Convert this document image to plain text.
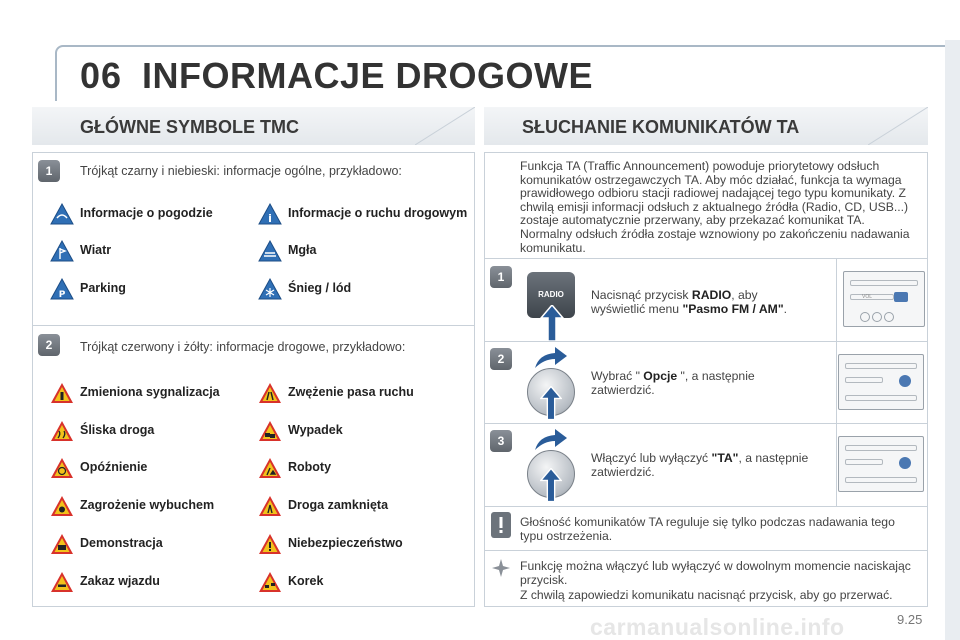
06 INFORMACJE DROGOWE
GŁÓWNE SYMBOLE TMC	SŁUCHANIE KOMUNIKATÓW TA
1	Trójkąt czarny i niebieski: informacje ogólne, przykładowo:
2	Trójkąt czerwony i żółty: informacje drogowe, przykładowo:
Informacje o pogodzie	i Informacje o ruchu drogowym
Wiatr	Mgła
P Parking	Śnieg / lód
Zmieniona sygnalizacja	Zwężenie pasa ruchu
Śliska droga	Wypadek
Opóźnienie	Roboty
Zagrożenie wybuchem	Droga zamknięta
Demonstracja	Niebezpieczeństwo
Zakaz wjazdu	Korek
Funkcja TA (Traffic Announcement) powoduje priorytetowy odsłuch komunikatów ostrzegawczych TA. Aby móc działać, funkcja ta wymaga prawidłowego odbioru stacji radiowej nadającej tego typu komunikaty. Z chwilą emisji informacji odsłuch z aktualnego źródła (Radio, CD, USB...) zostaje automatycznie przerwany, aby przekazać komunikat TA. Normalny odsłuch źródła zostaje wznowiony po zakończeniu nadawania komunikatu.
1
RADIO	Nacisnąć przycisk RADIO, aby
wyświetlić menu "Pasmo FM / AM".
VOL
2
Wybrać " Opcje ", a następnie
zatwierdzić.
3
Włączyć lub wyłączyć "TA", a następnie
zatwierdzić.
Głośność komunikatów TA reguluje się tylko podczas nadawania tego typu ostrzeżenia.
Funkcję można włączyć lub wyłączyć w dowolnym momencie naciskając przycisk.
Z chwilą zapowiedzi komunikatu nacisnąć przycisk, aby go przerwać.
carmanualsonline.info	9.25
